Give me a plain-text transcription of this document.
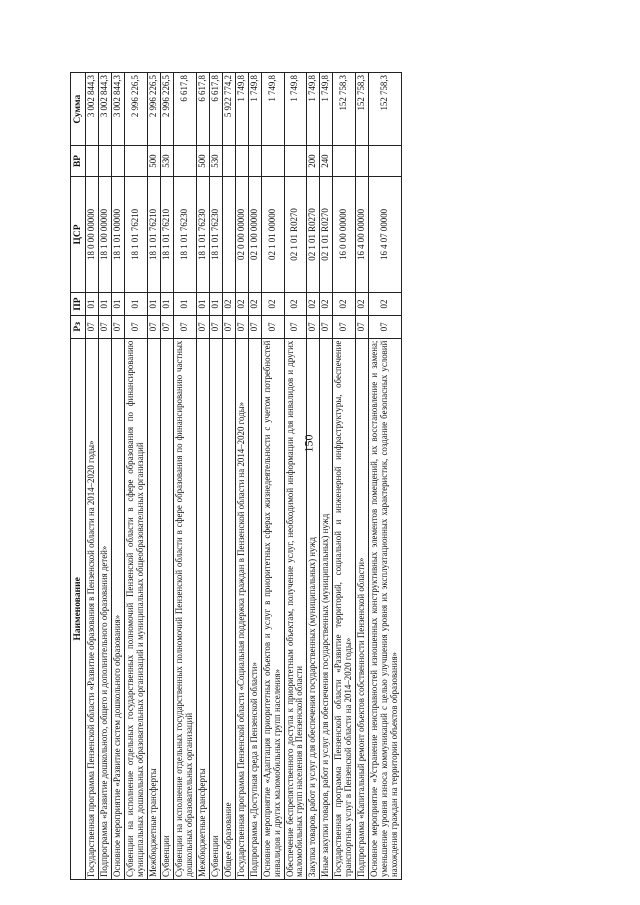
150
Наименование	Рз	ПР	ЦСР	ВР	Сумма
Государственная программа Пензенской области «Развитие образования в Пензенской области на 2014–2020 годы»	07	01	18 0 00 00000		3 002 844,3
Подпрограмма «Развитие дошкольного, общего и дополнительного образования детей»	07	01	18 1 00 00000		3 002 844,3
Основное мероприятие «Развитие систем дошкольного образования»	07	01	18 1 01 00000		3 002 844,3
Субвенции на исполнение отдельных государственных полномочий Пензенской области в сфере образования по финансированию муниципальных дошкольных образовательных организаций и муниципальных общеобразовательных организаций	07	01	18 1 01 76210		2 996 226,5
Межбюджетные трансферты	07	01	18 1 01 76210	500	2 996 226,5
Субвенции	07	01	18 1 01 76210	530	2 996 226,5
Субвенции на исполнение отдельных государственных полномочий Пензенской области в сфере образования по финансированию частных дошкольных образовательных организаций	07	01	18 1 01 76230		6 617,8
Межбюджетные трансферты	07	01	18 1 01 76230	500	6 617,8
Субвенции	07	01	18 1 01 76230	530	6 617,8
Общее образование	07	02			5 922 774,2
Государственная программа Пензенской области «Социальная поддержка граждан в Пензенской области на 2014–2020 годы»	07	02	02 0 00 00000		1 749,8
Подпрограмма «Доступная среда в Пензенской области»	07	02	02 1 00 00000		1 749,8
Основное мероприятие «Адаптация приоритетных объектов и услуг в приоритетных сферах жизнедеятельности с учетом потребностей инвалидов и других маломобильных групп населения»	07	02	02 1 01 00000		1 749,8
Обеспечение беспрепятственного доступа к приоритетным объектам, получение услуг, необходимой информации для инвалидов и других маломобильных групп населения в Пензенской области	07	02	02 1 01 R0270		1 749,8
Закупка товаров, работ и услуг для обеспечения государственных (муниципальных) нужд	07	02	02 1 01 R0270	200	1 749,8
Иные закупки товаров, работ и услуг для обеспечения государственных (муниципальных) нужд	07	02	02 1 01 R0270	240	1 749,8
Государственная программа Пензенской области «Развитие территорий, социальной и инженерной инфраструктуры, обеспечение транспортных услуг в Пензенской области на 2014–2020 годы»	07	02	16 0 00 00000		152 758,3
Подпрограмма «Капитальный ремонт объектов собственности Пензенской области»	07	02	16 4 00 00000		152 758,3
Основное мероприятие «Устранение неисправностей изношенных конструктивных элементов помещений, их восстановление и замена; уменьшение уровня износа коммуникаций с целью улучшения уровня их эксплуатационных характеристик, создание безопасных условий нахождения граждан на территории объектов образования»	07	02	16 4 07 00000		152 758,3
